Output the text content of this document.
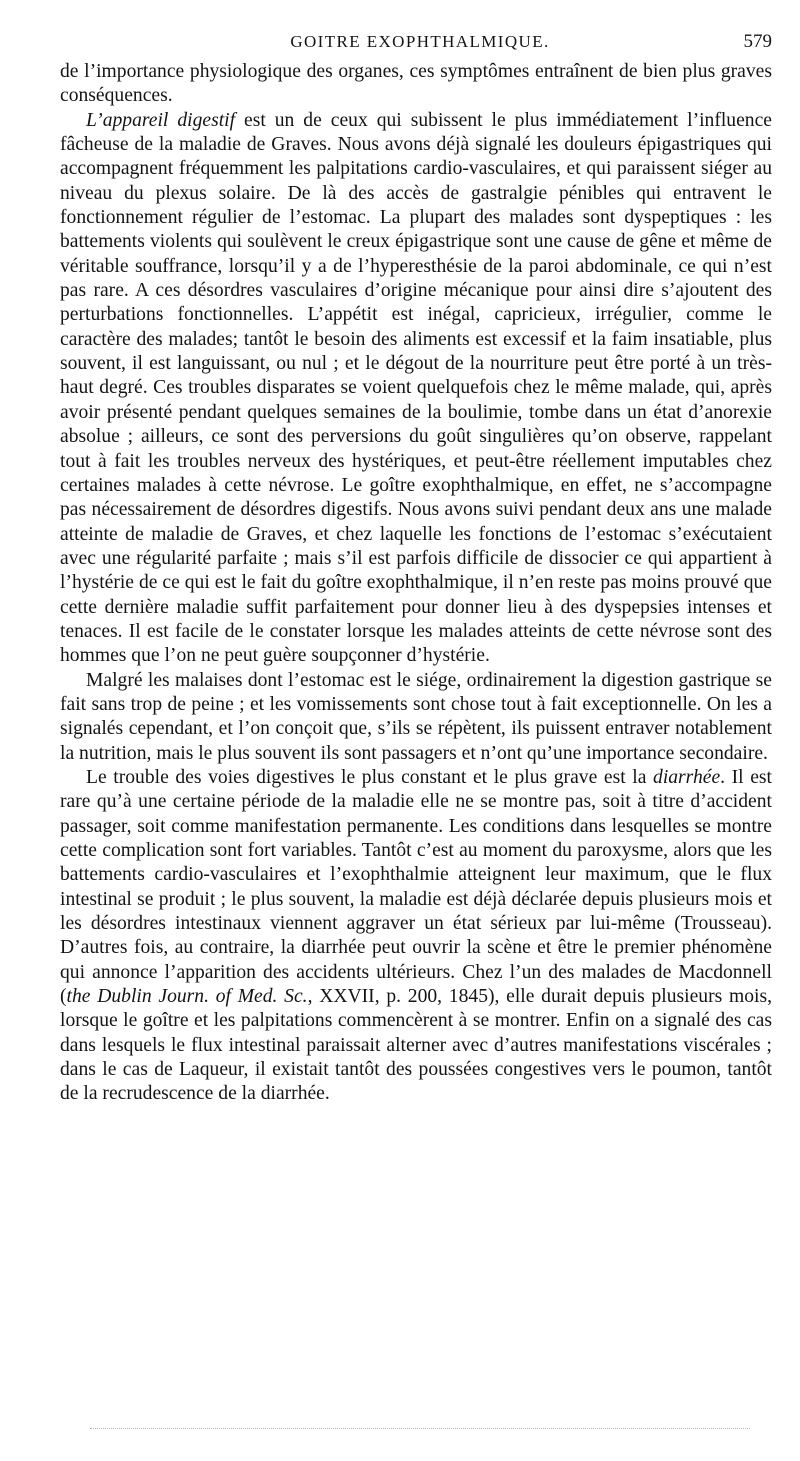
GOITRE EXOPHTHALMIQUE.	579

de l’importance physiologique des organes, ces symptômes entraînent de bien plus graves conséquences.

L’appareil digestif est un de ceux qui subissent le plus immédiatement l’influence fâcheuse de la maladie de Graves. Nous avons déjà signalé les douleurs épigastriques qui accompagnent fréquemment les palpitations cardio-vasculaires, et qui paraissent siéger au niveau du plexus solaire. De là des accès de gastralgie pénibles qui entravent le fonctionnement régulier de l’estomac. La plupart des malades sont dyspeptiques : les battements violents qui soulèvent le creux épigastrique sont une cause de gêne et même de véritable souffrance, lorsqu’il y a de l’hyperesthésie de la paroi abdominale, ce qui n’est pas rare. A ces désordres vasculaires d’origine mécanique pour ainsi dire s’ajoutent des perturbations fonctionnelles. L’appétit est inégal, capricieux, irrégulier, comme le caractère des malades; tantôt le besoin des aliments est excessif et la faim insatiable, plus souvent, il est languissant, ou nul ; et le dégout de la nourriture peut être porté à un très-haut degré. Ces troubles disparates se voient quelquefois chez le même malade, qui, après avoir présenté pendant quelques semaines de la boulimie, tombe dans un état d’anorexie absolue ; ailleurs, ce sont des perversions du goût singulières qu’on observe, rappelant tout à fait les troubles nerveux des hystériques, et peut-être réellement imputables chez certaines malades à cette névrose. Le goître exophthalmique, en effet, ne s’accompagne pas nécessairement de désordres digestifs. Nous avons suivi pendant deux ans une malade atteinte de maladie de Graves, et chez laquelle les fonctions de l’estomac s’exécutaient avec une régularité parfaite ; mais s’il est parfois difficile de dissocier ce qui appartient à l’hystérie de ce qui est le fait du goître exophthalmique, il n’en reste pas moins prouvé que cette dernière maladie suffit parfaitement pour donner lieu à des dyspepsies intenses et tenaces. Il est facile de le constater lorsque les malades atteints de cette névrose sont des hommes que l’on ne peut guère soupçonner d’hystérie.

Malgré les malaises dont l’estomac est le siége, ordinairement la digestion gastrique se fait sans trop de peine ; et les vomissements sont chose tout à fait exceptionnelle. On les a signalés cependant, et l’on conçoit que, s’ils se répètent, ils puissent entraver notablement la nutrition, mais le plus souvent ils sont passagers et n’ont qu’une importance secondaire.

Le trouble des voies digestives le plus constant et le plus grave est la diarrhée. Il est rare qu’à une certaine période de la maladie elle ne se montre pas, soit à titre d’accident passager, soit comme manifestation permanente. Les conditions dans lesquelles se montre cette complication sont fort variables. Tantôt c’est au moment du paroxysme, alors que les battements cardio-vasculaires et l’exophthalmie atteignent leur maximum, que le flux intestinal se produit ; le plus souvent, la maladie est déjà déclarée depuis plusieurs mois et les désordres intestinaux viennent aggraver un état sérieux par lui-même (Trousseau). D’autres fois, au contraire, la diarrhée peut ouvrir la scène et être le premier phénomène qui annonce l’apparition des accidents ultérieurs. Chez l’un des malades de Macdonnell (the Dublin Journ. of Med. Sc., XXVII, p. 200, 1845), elle durait depuis plusieurs mois, lorsque le goître et les palpitations commencèrent à se montrer. Enfin on a signalé des cas dans lesquels le flux intestinal paraissait alterner avec d’autres manifestations viscérales ; dans le cas de Laqueur, il existait tantôt des poussées congestives vers le poumon, tantôt de la recrudescence de la diarrhée.
